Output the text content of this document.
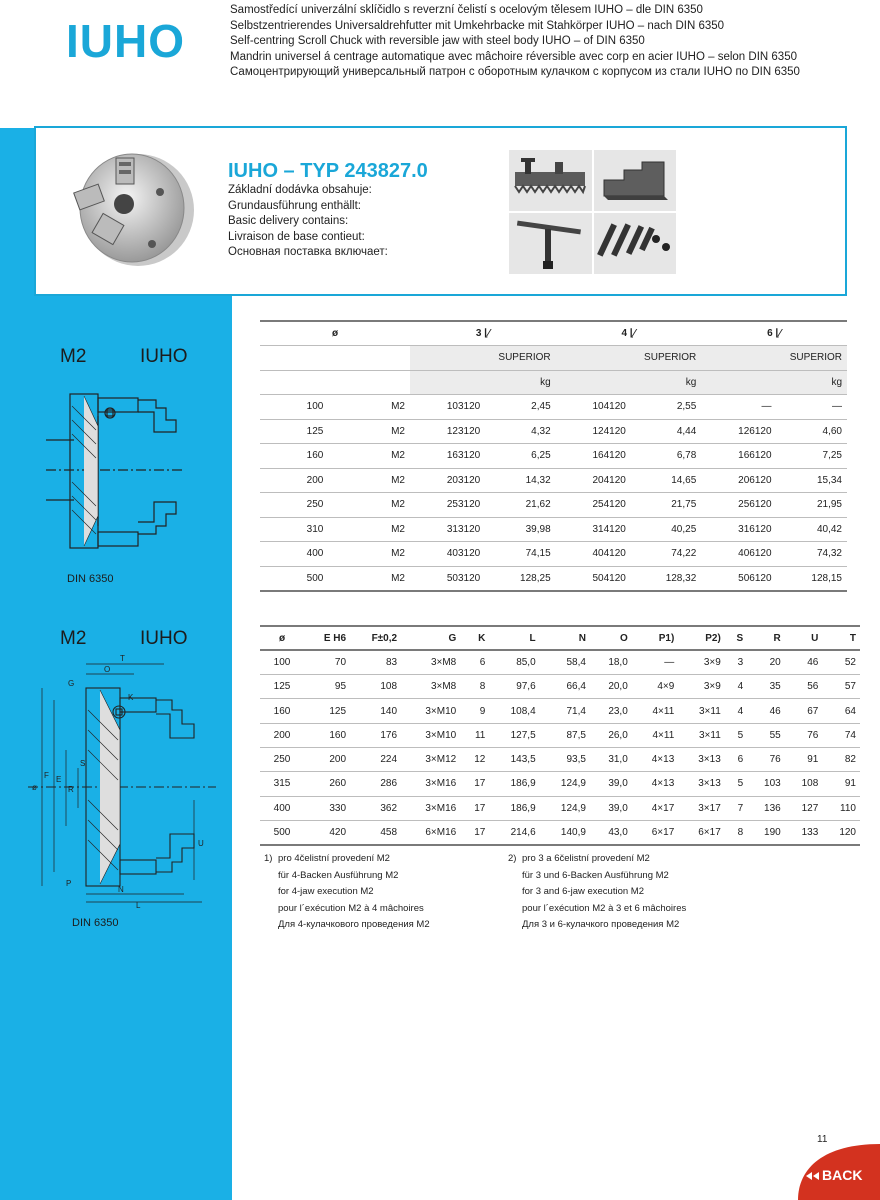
IUHO
Samostředící univerzální sklíčidlo s reverzní čelistí s ocelovým tělesem IUHO – dle DIN 6350
Selbstzentrierendes Universaldrehfutter mit Umkehrbacke mit Stahkörper IUHO – nach DIN 6350
Self-centring Scroll Chuck with reversible jaw with steel body IUHO – of DIN 6350
Mandrin universel á centrage automatique avec mâchoire réversible avec corp en acier IUHO – selon DIN 6350
Самоцентрирующий универсальный патрон с оборотным кулачком с корпусом из стали IUHO по DIN 6350
IUHO – TYP 243827.0
Základní dodávka obsahuje:
Grundausführung enthällt:
Basic delivery contains:
Livraison de base contieut:
Основная поставка включает:
M2	IUHO
DIN 6350
ø		3 ⌊⁄		4 ⌊⁄		6 ⌊⁄	
		SUPERIOR		SUPERIOR		SUPERIOR	
		kg		kg		kg	
100	M2	103120	2,45	104120	2,55	—	—
125	M2	123120	4,32	124120	4,44	126120	4,60
160	M2	163120	6,25	164120	6,78	166120	7,25
200	M2	203120	14,32	204120	14,65	206120	15,34
250	M2	253120	21,62	254120	21,75	256120	21,95
310	M2	313120	39,98	314120	40,25	316120	40,42
400	M2	403120	74,15	404120	74,22	406120	74,32
500	M2	503120	128,25	504120	128,32	506120	128,15
M2	IUHO
T
O
G
ø
F E
R
S
K
N
L
U
P
DIN 6350
ø	E H6	F±0,2	G	K	L	N	O	P1)	P2)	S	R	U	T
100	70	83	3×M8	6	85,0	58,4	18,0	—	3×9	3	20	46	52
125	95	108	3×M8	8	97,6	66,4	20,0	4×9	3×9	4	35	56	57
160	125	140	3×M10	9	108,4	71,4	23,0	4×11	3×11	4	46	67	64
200	160	176	3×M10	11	127,5	87,5	26,0	4×11	3×11	5	55	76	74
250	200	224	3×M12	12	143,5	93,5	31,0	4×13	3×13	6	76	91	82
315	260	286	3×M16	17	186,9	124,9	39,0	4×13	3×13	5	103	108	91
400	330	362	3×M16	17	186,9	124,9	39,0	4×17	3×17	7	136	127	110
500	420	458	6×M16	17	214,6	140,9	43,0	6×17	6×17	8	190	133	120
1) pro 4čelistní provedení M2
für 4-Backen Ausführung M2
for 4-jaw execution M2
pour l´exécution M2 à 4 mâchoires
Для 4-кулачкового проведения M2
2) pro 3 a 6čelistní provedení M2
für 3 und 6-Backen Ausführung M2
for 3 and 6-jaw execution M2
pour l´exécution M2 à 3 et 6 mâchoires
Для 3 и 6-кулачкого проведения M2
11
BACK
